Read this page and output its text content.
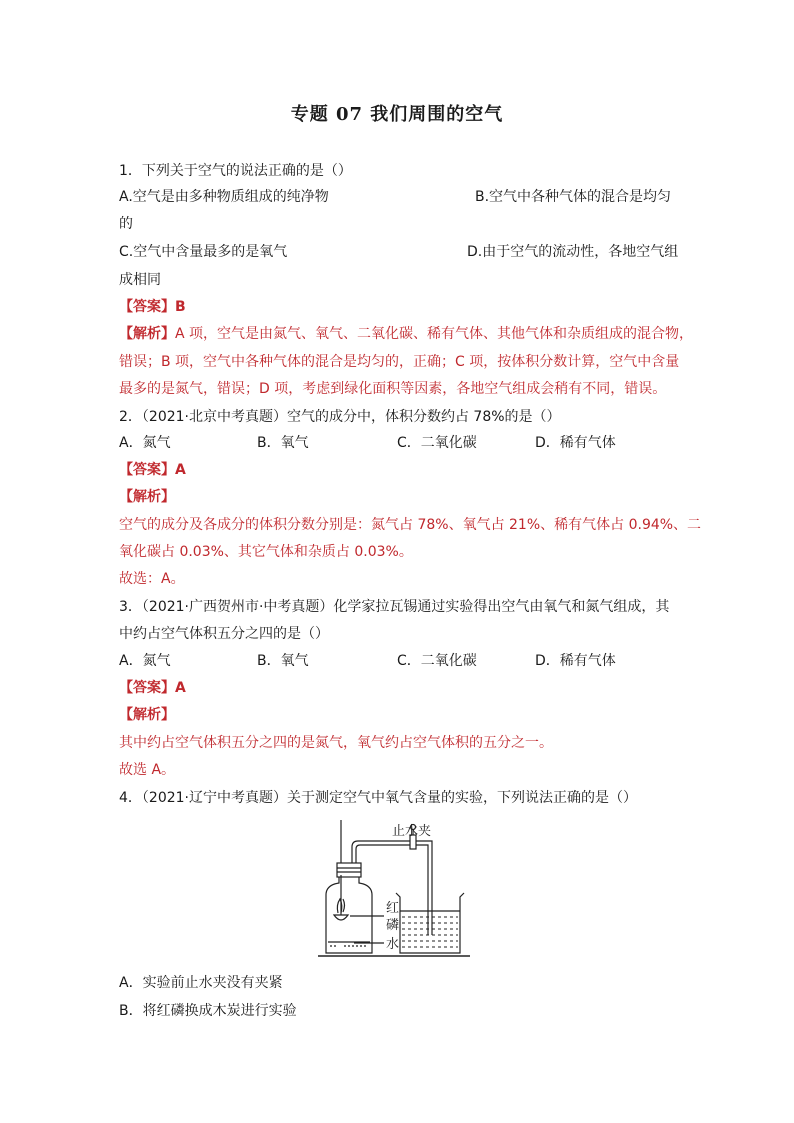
专题 07 我们周围的空气
1．下列关于空气的说法正确的是（）
A.空气是由多种物质组成的纯净物	B.空气中各种气体的混合是均匀
的
C.空气中含量最多的是氧气	D.由于空气的流动性，各地空气组
成相同
【答案】B
【解析】A 项，空气是由氮气、氧气、二氧化碳、稀有气体、其他气体和杂质组成的混合物，
错误；B 项，空气中各种气体的混合是均匀的，正确；C 项，按体积分数计算，空气中含量
最多的是氮气，错误；D 项，考虑到绿化面积等因素，各地空气组成会稍有不同，错误。
2．（2021·北京中考真题）空气的成分中，体积分数约占 78%的是（）
A．氮气	B．氧气	C．二氧化碳	D．稀有气体
【答案】A
【解析】
空气的成分及各成分的体积分数分别是：氮气占 78%、氧气占 21%、稀有气体占 0.94%、二
氧化碳占 0.03%、其它气体和杂质占 0.03%。
故选：A。
3．（2021·广西贺州市·中考真题）化学家拉瓦锡通过实验得出空气由氧气和氮气组成，其
中约占空气体积五分之四的是（）
A．氮气	B．氧气	C．二氧化碳	D．稀有气体
【答案】A
【解析】
其中约占空气体积五分之四的是氮气，氧气约占空气体积的五分之一。
故选 A。
4．（2021·辽宁中考真题）关于测定空气中氧气含量的实验，下列说法正确的是（）
止水夹
红
磷
水
A．实验前止水夹没有夹紧
B．将红磷换成木炭进行实验
